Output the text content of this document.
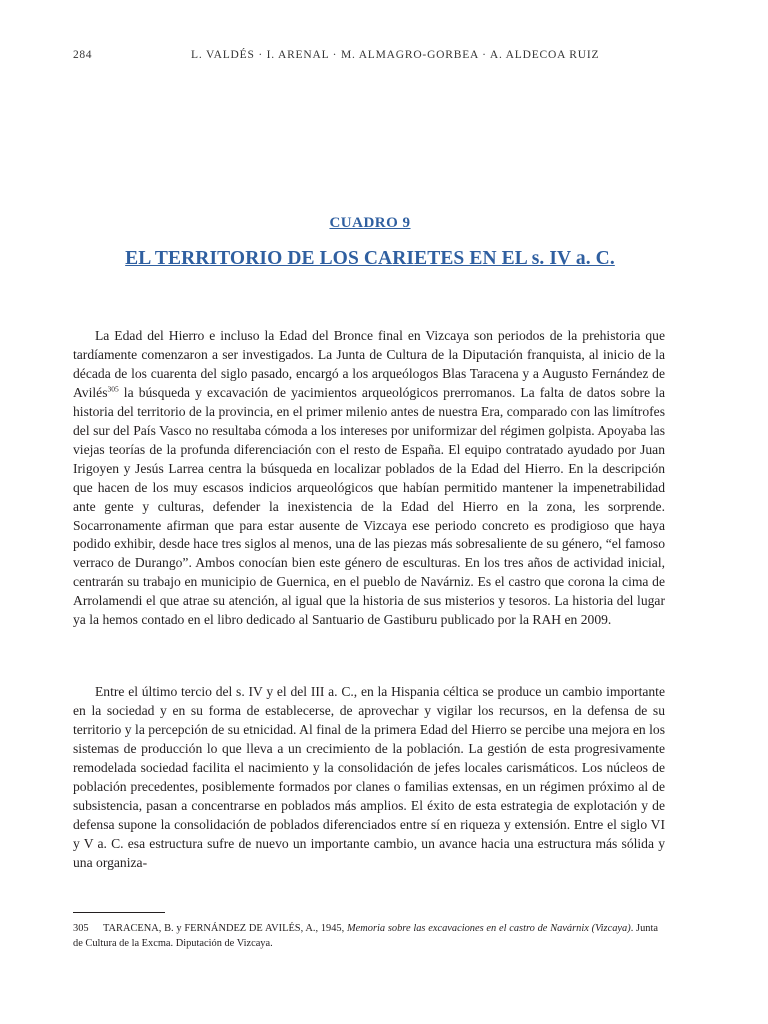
284	L. VALDÉS · I. ARENAL · M. ALMAGRO-GORBEA · A. ALDECOA RUIZ
CUADRO 9
EL TERRITORIO DE LOS CARIETES EN EL s. IV a. C.

La Edad del Hierro e incluso la Edad del Bronce final en Vizcaya son periodos de la prehistoria que tardíamente comenzaron a ser investigados. La Junta de Cultura de la Diputación franquista, al inicio de la década de los cuarenta del siglo pasado, encargó a los arqueólogos Blas Taracena y a Augusto Fernández de Avilés$^{305}$ la búsqueda y excavación de yacimientos arqueológicos prerromanos. La falta de datos sobre la historia del territorio de la provincia, en el primer milenio antes de nuestra Era, comparado con las limítrofes del sur del País Vasco no resultaba cómoda a los intereses por uniformizar del régimen golpista. Apoyaba las viejas teorías de la profunda diferenciación con el resto de España. El equipo contratado ayudado por Juan Irigoyen y Jesús Larrea centra la búsqueda en localizar poblados de la Edad del Hierro. En la descripción que hacen de los muy escasos indicios arqueológicos que habían permitido mantener la impenetrabilidad ante gente y culturas, defender la inexistencia de la Edad del Hierro en la zona, les sorprende. Socarronamente afirman que para estar ausente de Vizcaya ese periodo concreto es prodigioso que haya podido exhibir, desde hace tres siglos al menos, una de las piezas más sobresaliente de su género, “el famoso verraco de Durango”. Ambos conocían bien este género de esculturas. En los tres años de actividad inicial, centrarán su trabajo en municipio de Guernica, en el pueblo de Navárniz. Es el castro que corona la cima de Arrolamendi el que atrae su atención, al igual que la historia de sus misterios y tesoros. La historia del lugar ya la hemos contado en el libro dedicado al Santuario de Gastiburu publicado por la RAH en 2009.

Entre el último tercio del s. IV y el del III a. C., en la Hispania céltica se produce un cambio importante en la sociedad y en su forma de establecerse, de aprovechar y vigilar los recursos, en la defensa de su territorio y la percepción de su etnicidad. Al final de la primera Edad del Hierro se percibe una mejora en los sistemas de producción lo que lleva a un crecimiento de la población. La gestión de esta progresivamente remodelada sociedad facilita el nacimiento y la consolidación de jefes locales carismáticos. Los núcleos de población precedentes, posiblemente formados por clanes o familias extensas, en un régimen próximo al de subsistencia, pasan a concentrarse en poblados más amplios. El éxito de esta estrategia de explotación y de defensa supone la consolidación de poblados diferenciados entre sí en riqueza y extensión. Entre el siglo VI y V a. C. esa estructura sufre de nuevo un importante cambio, un avance hacia una estructura más sólida y una organiza-

305 TARACENA, B. y FERNÁNDEZ DE AVILÉS, A., 1945, Memoria sobre las excavaciones en el castro de Navárnix (Vizcaya). Junta de Cultura de la Excma. Diputación de Vizcaya.
